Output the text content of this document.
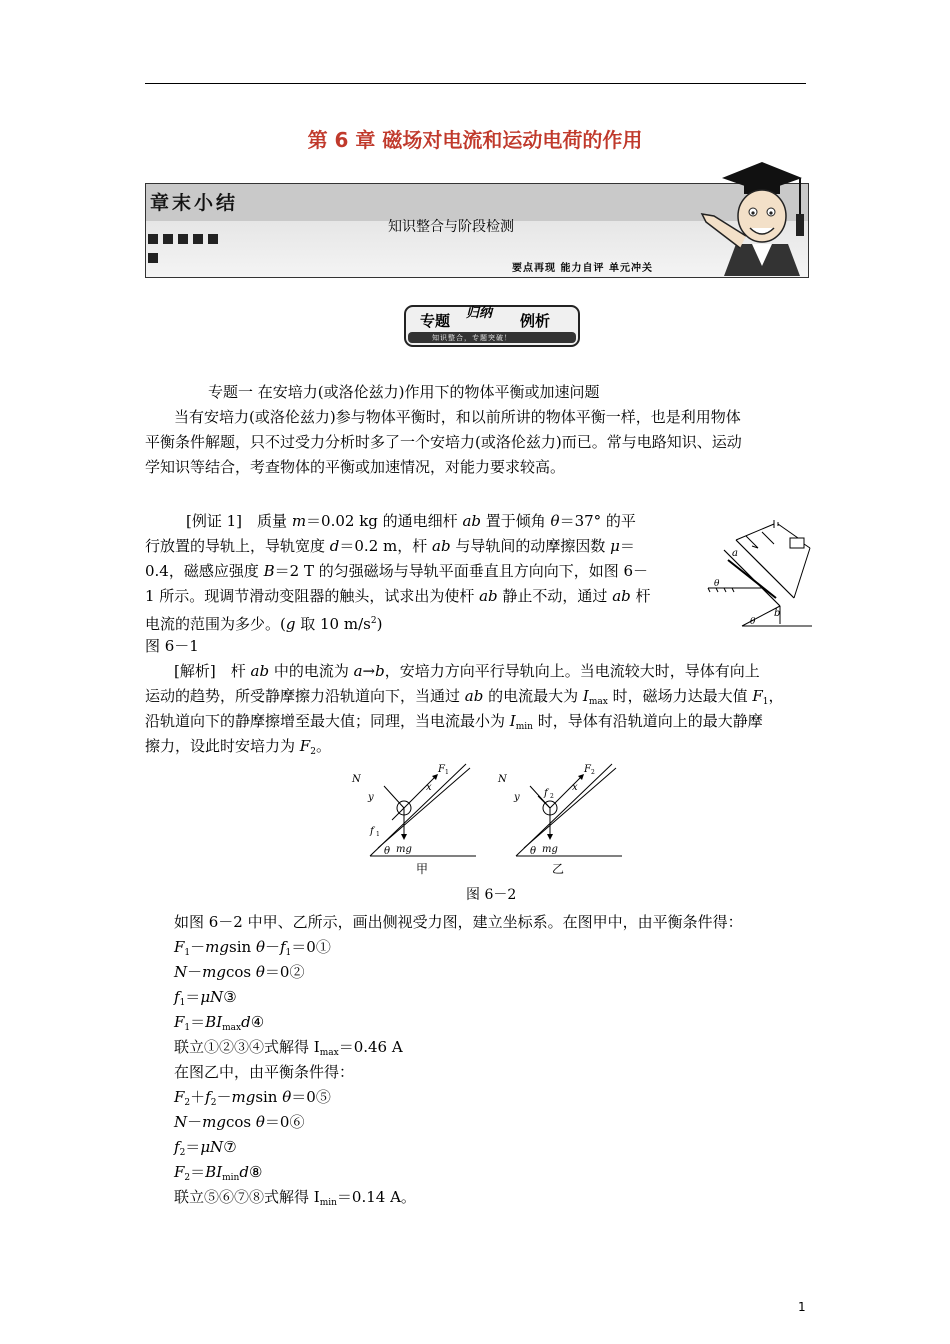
第 6 章 磁场对电流和运动电荷的作用
章末小结
知识整合与阶段检测
要点再现 能力自评 单元冲关
专题 归纳 例析
知识整合，专题突破！
专题一 在安培力(或洛伦兹力)作用下的物体平衡或加速问题
当有安培力(或洛伦兹力)参与物体平衡时，和以前所讲的物体平衡一样，也是利用物体
平衡条件解题，只不过受力分析时多了一个安培力(或洛伦兹力)而已。常与电路知识、运动
学知识等结合，考查物体的平衡或加速情况，对能力要求较高。
[例证 1]　质量 m＝0.02 kg 的通电细杆 ab 置于倾角 θ＝37° 的平
行放置的导轨上，导轨宽度 d＝0.2 m，杆 ab 与导轨间的动摩擦因数 μ＝
0.4，磁感应强度 B＝2 T 的匀强磁场与导轨平面垂直且方向向下，如图 6－
1 所示。现调节滑动变阻器的触头，试求出为使杆 ab 静止不动，通过 ab 杆
电流的范围为多少。(g 取 10 $m/s^2$)
图 6－1
a
b
θ
θ
[解析]　杆 ab 中的电流为 a→b，安培力方向平行导轨向上。当电流较大时，导体有向上
运动的趋势，所受静摩擦力沿轨道向下，当通过 ab 的电流最大为 $I_{max}$ 时，磁场力达最大值 $F_1$，
沿轨道向下的静摩擦增至最大值；同理，当电流最小为 $I_{min}$ 时，导体有沿轨道向上的最大静摩
擦力，设此时安培力为 $F_2$。
N
y
x
F 1
f 1
mg
θ
N
y
x
F 2
f 2
mg
θ
甲	乙
图 6－2
如图 6－2 中甲、乙所示，画出侧视受力图，建立坐标系。在图甲中，由平衡条件得：
$F_1-mgsin$ $\theta-f_1=0①$
N－mgcos θ＝0②
$f_1=\mu N③$
$F_1=BI_{max}d④$
联立①②③④式解得 $I_{max}=0.46$ A
在图乙中，由平衡条件得：
$F_2+f_2-mgsin$ θ＝0⑤
N－mgcos θ＝0⑥
$f_2=\mu N⑦$
$F_2=BI_{min}d⑧$
联立⑤⑥⑦⑧式解得 $I_{min}=0.14$ A。
1
